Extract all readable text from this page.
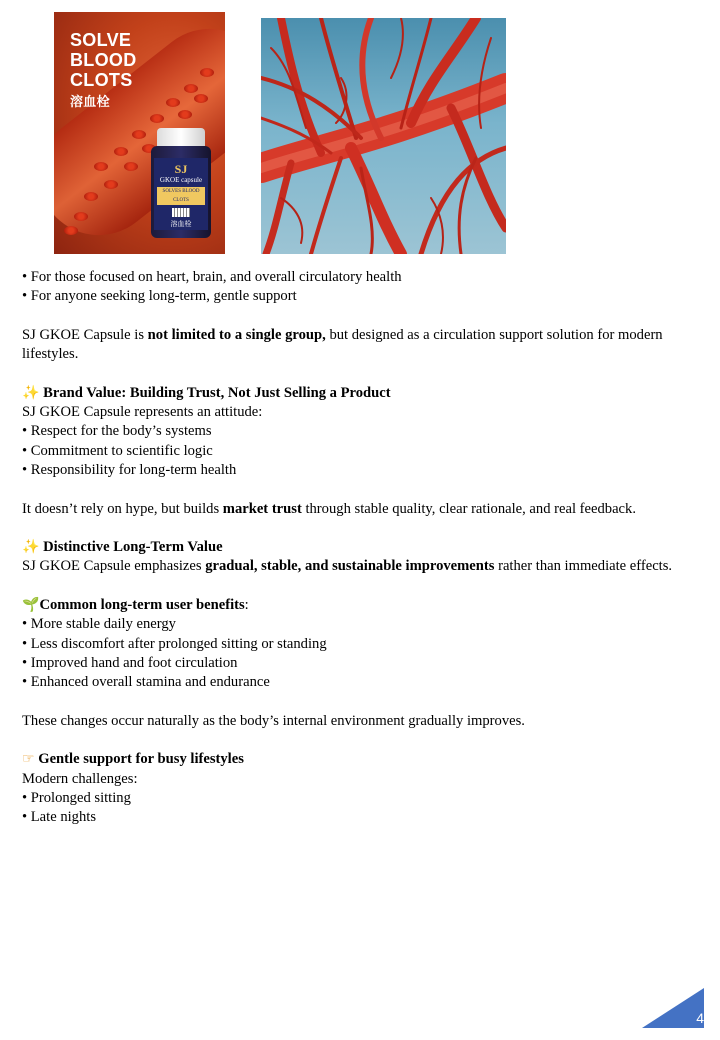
SOLVE
BLOOD
CLOTS
溶血栓
SJ
GKOE capsule
SOLVES BLOOD CLOTS
溶血栓

• For those focused on heart, brain, and overall circulatory health

• For anyone seeking long-term, gentle support

SJ GKOE Capsule is not limited to a single group, but designed as a circulation support solution for modern lifestyles.

✨ Brand Value: Building Trust, Not Just Selling a Product

SJ GKOE Capsule represents an attitude:

• Respect for the body’s systems

• Commitment to scientific logic

• Responsibility for long-term health

It doesn’t rely on hype, but builds market trust through stable quality, clear rationale, and real feedback.

✨ Distinctive Long-Term Value

SJ GKOE Capsule emphasizes gradual, stable, and sustainable improvements rather than immediate effects.

🌱Common long-term user benefits:

• More stable daily energy

• Less discomfort after prolonged sitting or standing

• Improved hand and foot circulation

• Enhanced overall stamina and endurance

These changes occur naturally as the body’s internal environment gradually improves.

☞ Gentle support for busy lifestyles

Modern challenges:

• Prolonged sitting

• Late nights

4
